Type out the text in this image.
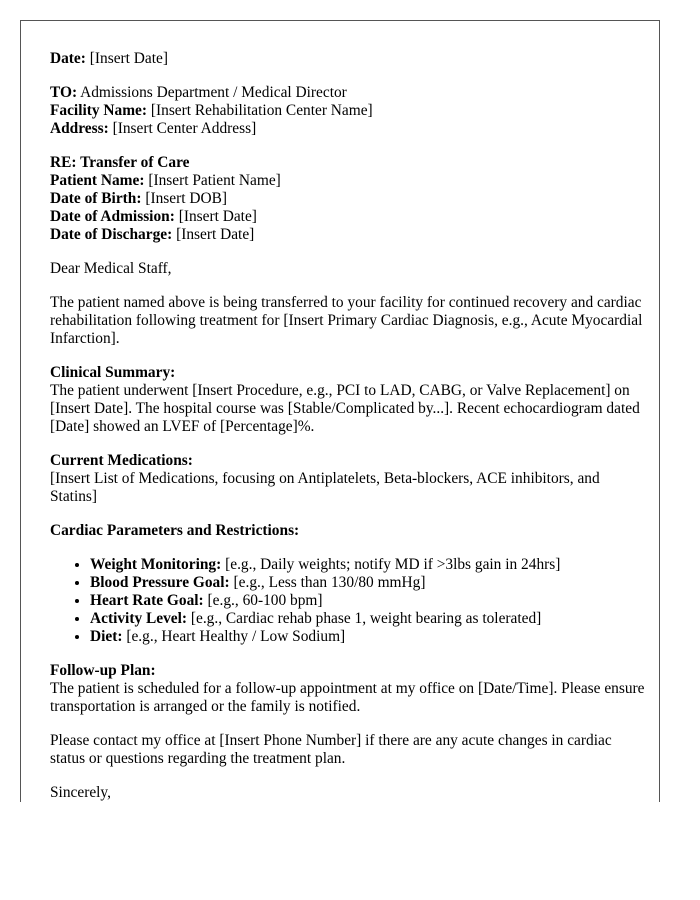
Date: [Insert Date]
TO: Admissions Department / Medical Director
Facility Name: [Insert Rehabilitation Center Name]
Address: [Insert Center Address]
RE: Transfer of Care
Patient Name: [Insert Patient Name]
Date of Birth: [Insert DOB]
Date of Admission: [Insert Date]
Date of Discharge: [Insert Date]

Dear Medical Staff,

The patient named above is being transferred to your facility for continued recovery and cardiac rehabilitation following treatment for [Insert Primary Cardiac Diagnosis, e.g., Acute Myocardial Infarction].

Clinical Summary:
The patient underwent [Insert Procedure, e.g., PCI to LAD, CABG, or Valve Replacement] on [Insert Date]. The hospital course was [Stable/Complicated by...]. Recent echocardiogram dated [Date] showed an LVEF of [Percentage]%.
Current Medications:
[Insert List of Medications, focusing on Antiplatelets, Beta-blockers, ACE inhibitors, and Statins]
Cardiac Parameters and Restrictions:
• Weight Monitoring: [e.g., Daily weights; notify MD if >3lbs gain in 24hrs]
• Blood Pressure Goal: [e.g., Less than 130/80 mmHg]
• Heart Rate Goal: [e.g., 60-100 bpm]
• Activity Level: [e.g., Cardiac rehab phase 1, weight bearing as tolerated]
• Diet: [e.g., Heart Healthy / Low Sodium]
Follow-up Plan:
The patient is scheduled for a follow-up appointment at my office on [Date/Time]. Please ensure transportation is arranged or the family is notified.

Please contact my office at [Insert Phone Number] if there are any acute changes in cardiac status or questions regarding the treatment plan.

Sincerely,
